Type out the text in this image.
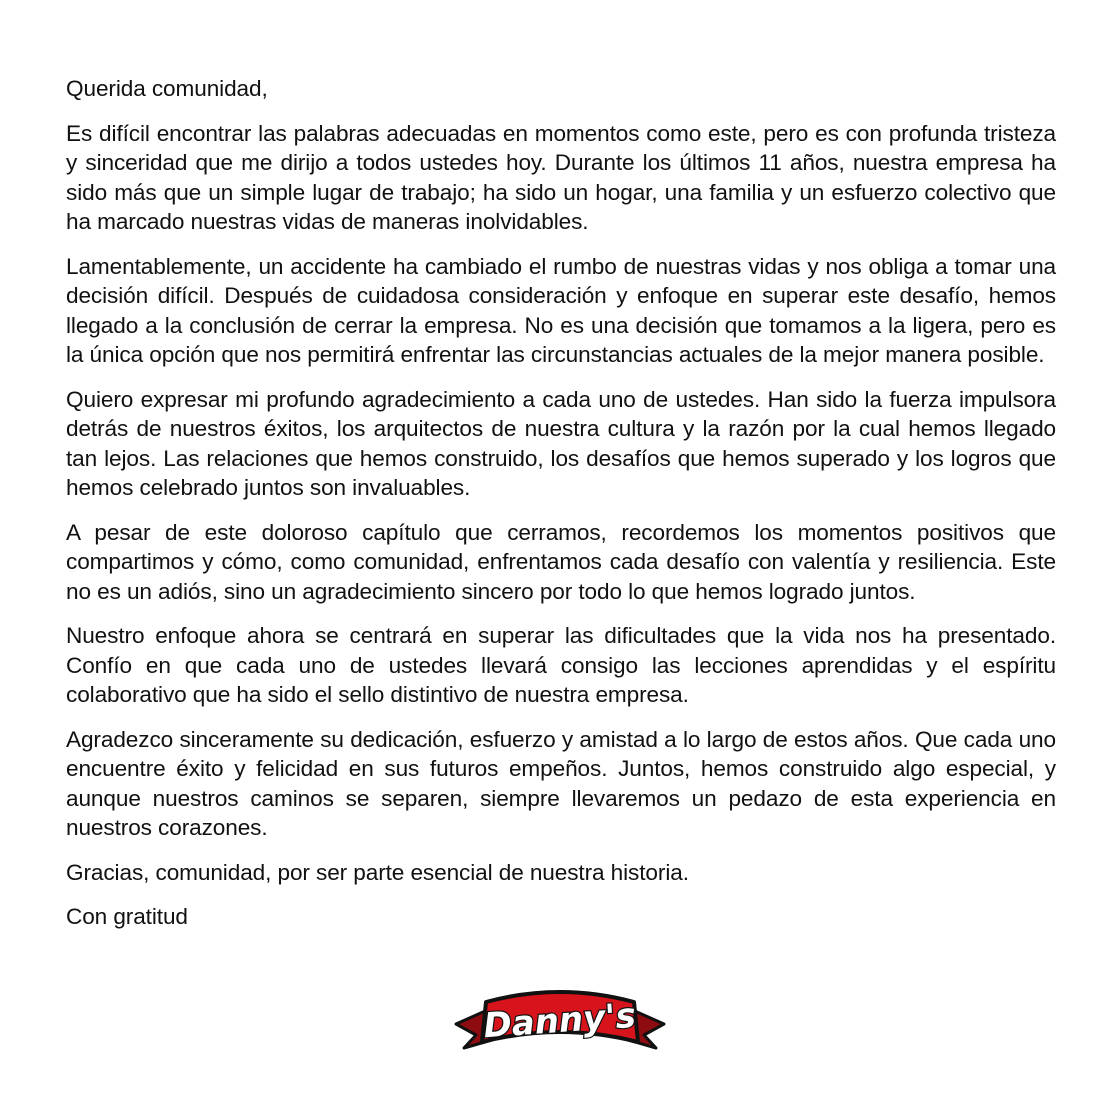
Querida comunidad,

Es difícil encontrar las palabras adecuadas en momentos como este, pero es con profunda tristeza y sinceridad que me dirijo a todos ustedes hoy. Durante los últimos 11 años, nuestra empresa ha sido más que un simple lugar de trabajo; ha sido un hogar, una familia y un esfuerzo colectivo que ha marcado nuestras vidas de maneras inolvidables.

Lamentablemente, un accidente ha cambiado el rumbo de nuestras vidas y nos obliga a tomar una decisión difícil. Después de cuidadosa consideración y enfoque en superar este desafío, hemos llegado a la conclusión de cerrar la empresa. No es una decisión que tomamos a la ligera, pero es la única opción que nos permitirá enfrentar las circunstancias actuales de la mejor manera posible.

Quiero expresar mi profundo agradecimiento a cada uno de ustedes. Han sido la fuerza impulsora detrás de nuestros éxitos, los arquitectos de nuestra cultura y la razón por la cual hemos llegado tan lejos. Las relaciones que hemos construido, los desafíos que hemos superado y los logros que hemos celebrado juntos son invaluables.

A pesar de este doloroso capítulo que cerramos, recordemos los momentos positivos que compartimos y cómo, como comunidad, enfrentamos cada desafío con valentía y resiliencia. Este no es un adiós, sino un agradecimiento sincero por todo lo que hemos logrado juntos.

Nuestro enfoque ahora se centrará en superar las dificultades que la vida nos ha presentado. Confío en que cada uno de ustedes llevará consigo las lecciones aprendidas y el espíritu colaborativo que ha sido el sello distintivo de nuestra empresa.

Agradezco sinceramente su dedicación, esfuerzo y amistad a lo largo de estos años. Que cada uno encuentre éxito y felicidad en sus futuros empeños. Juntos, hemos construido algo especial, y aunque nuestros caminos se separen, siempre llevaremos un pedazo de esta experiencia en nuestros corazones.

Gracias, comunidad, por ser parte esencial de nuestra historia.

Con gratitud

Danny's
